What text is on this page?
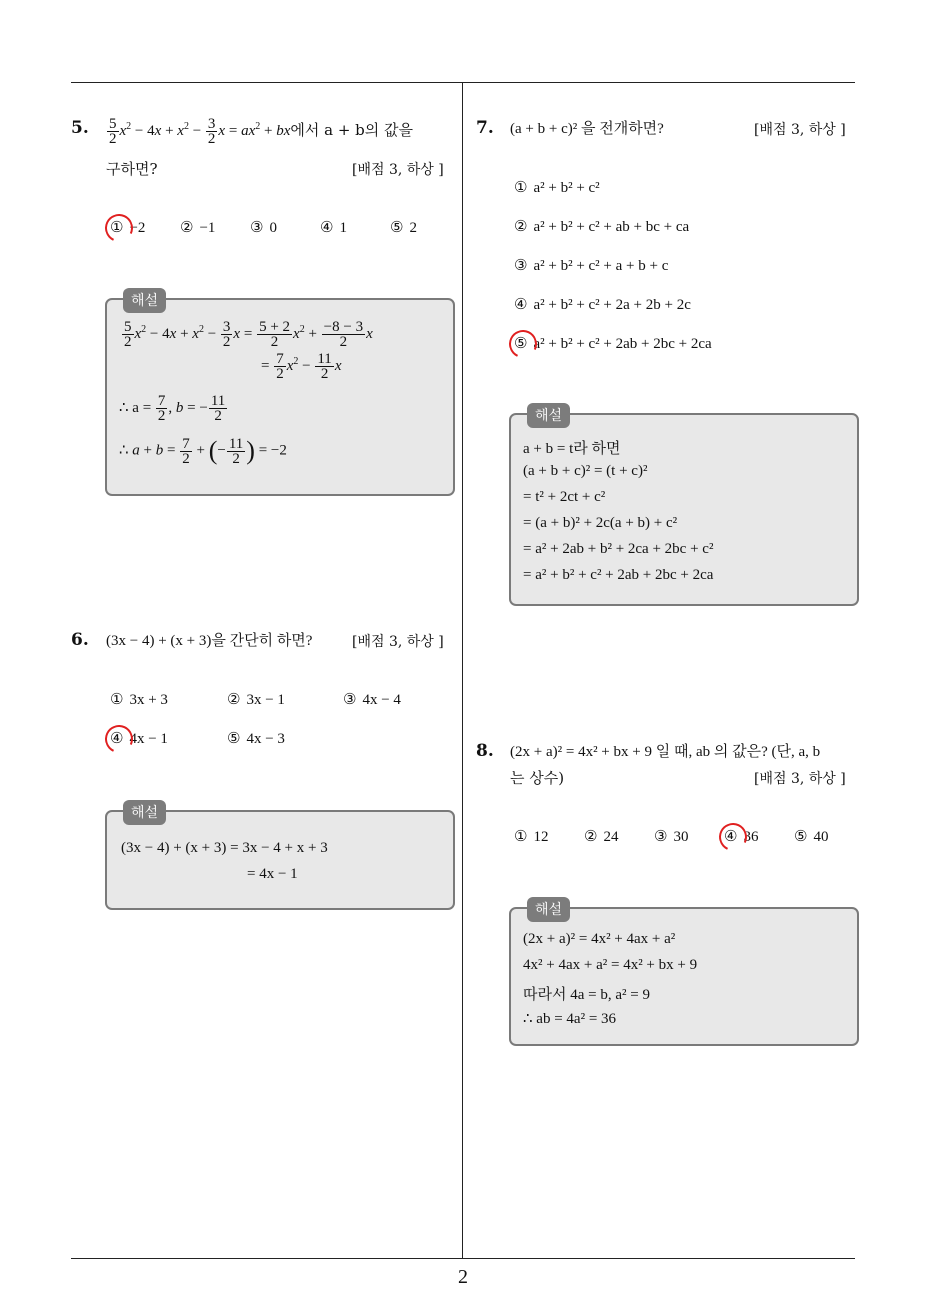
2
5. $\frac{5}{2} x^2 - 4x + x^2 - \frac{3}{2}$ $x = ax^2$ + bx에서 a + b의 값을
구하면?	[배점 3, 하상 ]
① −2 ② −1 ③ 0	④ 1	⑤ 2
해설
$\frac{5}{2} x^2 - 4x + x^2 - \frac{3}{2}$ $x = \frac{5 + 2}{2} x^2 + \frac{-8 - 3}{2}$ x
= $\frac{7}{2} x^2 - \frac{11}{2}$ x
∴ $a = \frac{7}{2}$ , b = − $\frac{11}{2}$
∴ $a + b = \frac{7}{2}$ + (− $\frac{11}{2}$ ) = −2
6. (3x − 4) + (x + 3)을 간단히 하면?	[배점 3, 하상 ]
① 3x + 3	② 3x − 1	③ 4x − 4
④ 4x − 1	⑤ 4x − 3
해설
(3x − 4) + (x + 3) = 3x − 4 + x + 3
= 4x − 1
7. (a + b + c)² 을 전개하면?	[배점 3, 하상 ]
① a² + b² + c²
② a² + b² + c² + ab + bc + ca
③ a² + b² + c² + a + b + c
④ a² + b² + c² + 2a + 2b + 2c
⑤ a² + b² + c² + 2ab + 2bc + 2ca
해설
a + b = t라 하면
(a + b + c)² = (t + c)²
= t² + 2ct + c²
= (a + b)² + 2c(a + b) + c²
= a² + 2ab + b² + 2ca + 2bc + c²
= a² + b² + c² + 2ab + 2bc + 2ca
8. (2x + a)² = 4x² + bx + 9 일 때, ab 의 값은? (단, a, b
는 상수)	[배점 3, 하상 ]
① 12 ② 24 ③ 30 ④ 36 ⑤ 40
해설
(2x + a)² = 4x² + 4ax + a²
4x² + 4ax + a² = 4x² + bx + 9
따라서 4a = b, a² = 9
∴ ab = 4a² = 36
